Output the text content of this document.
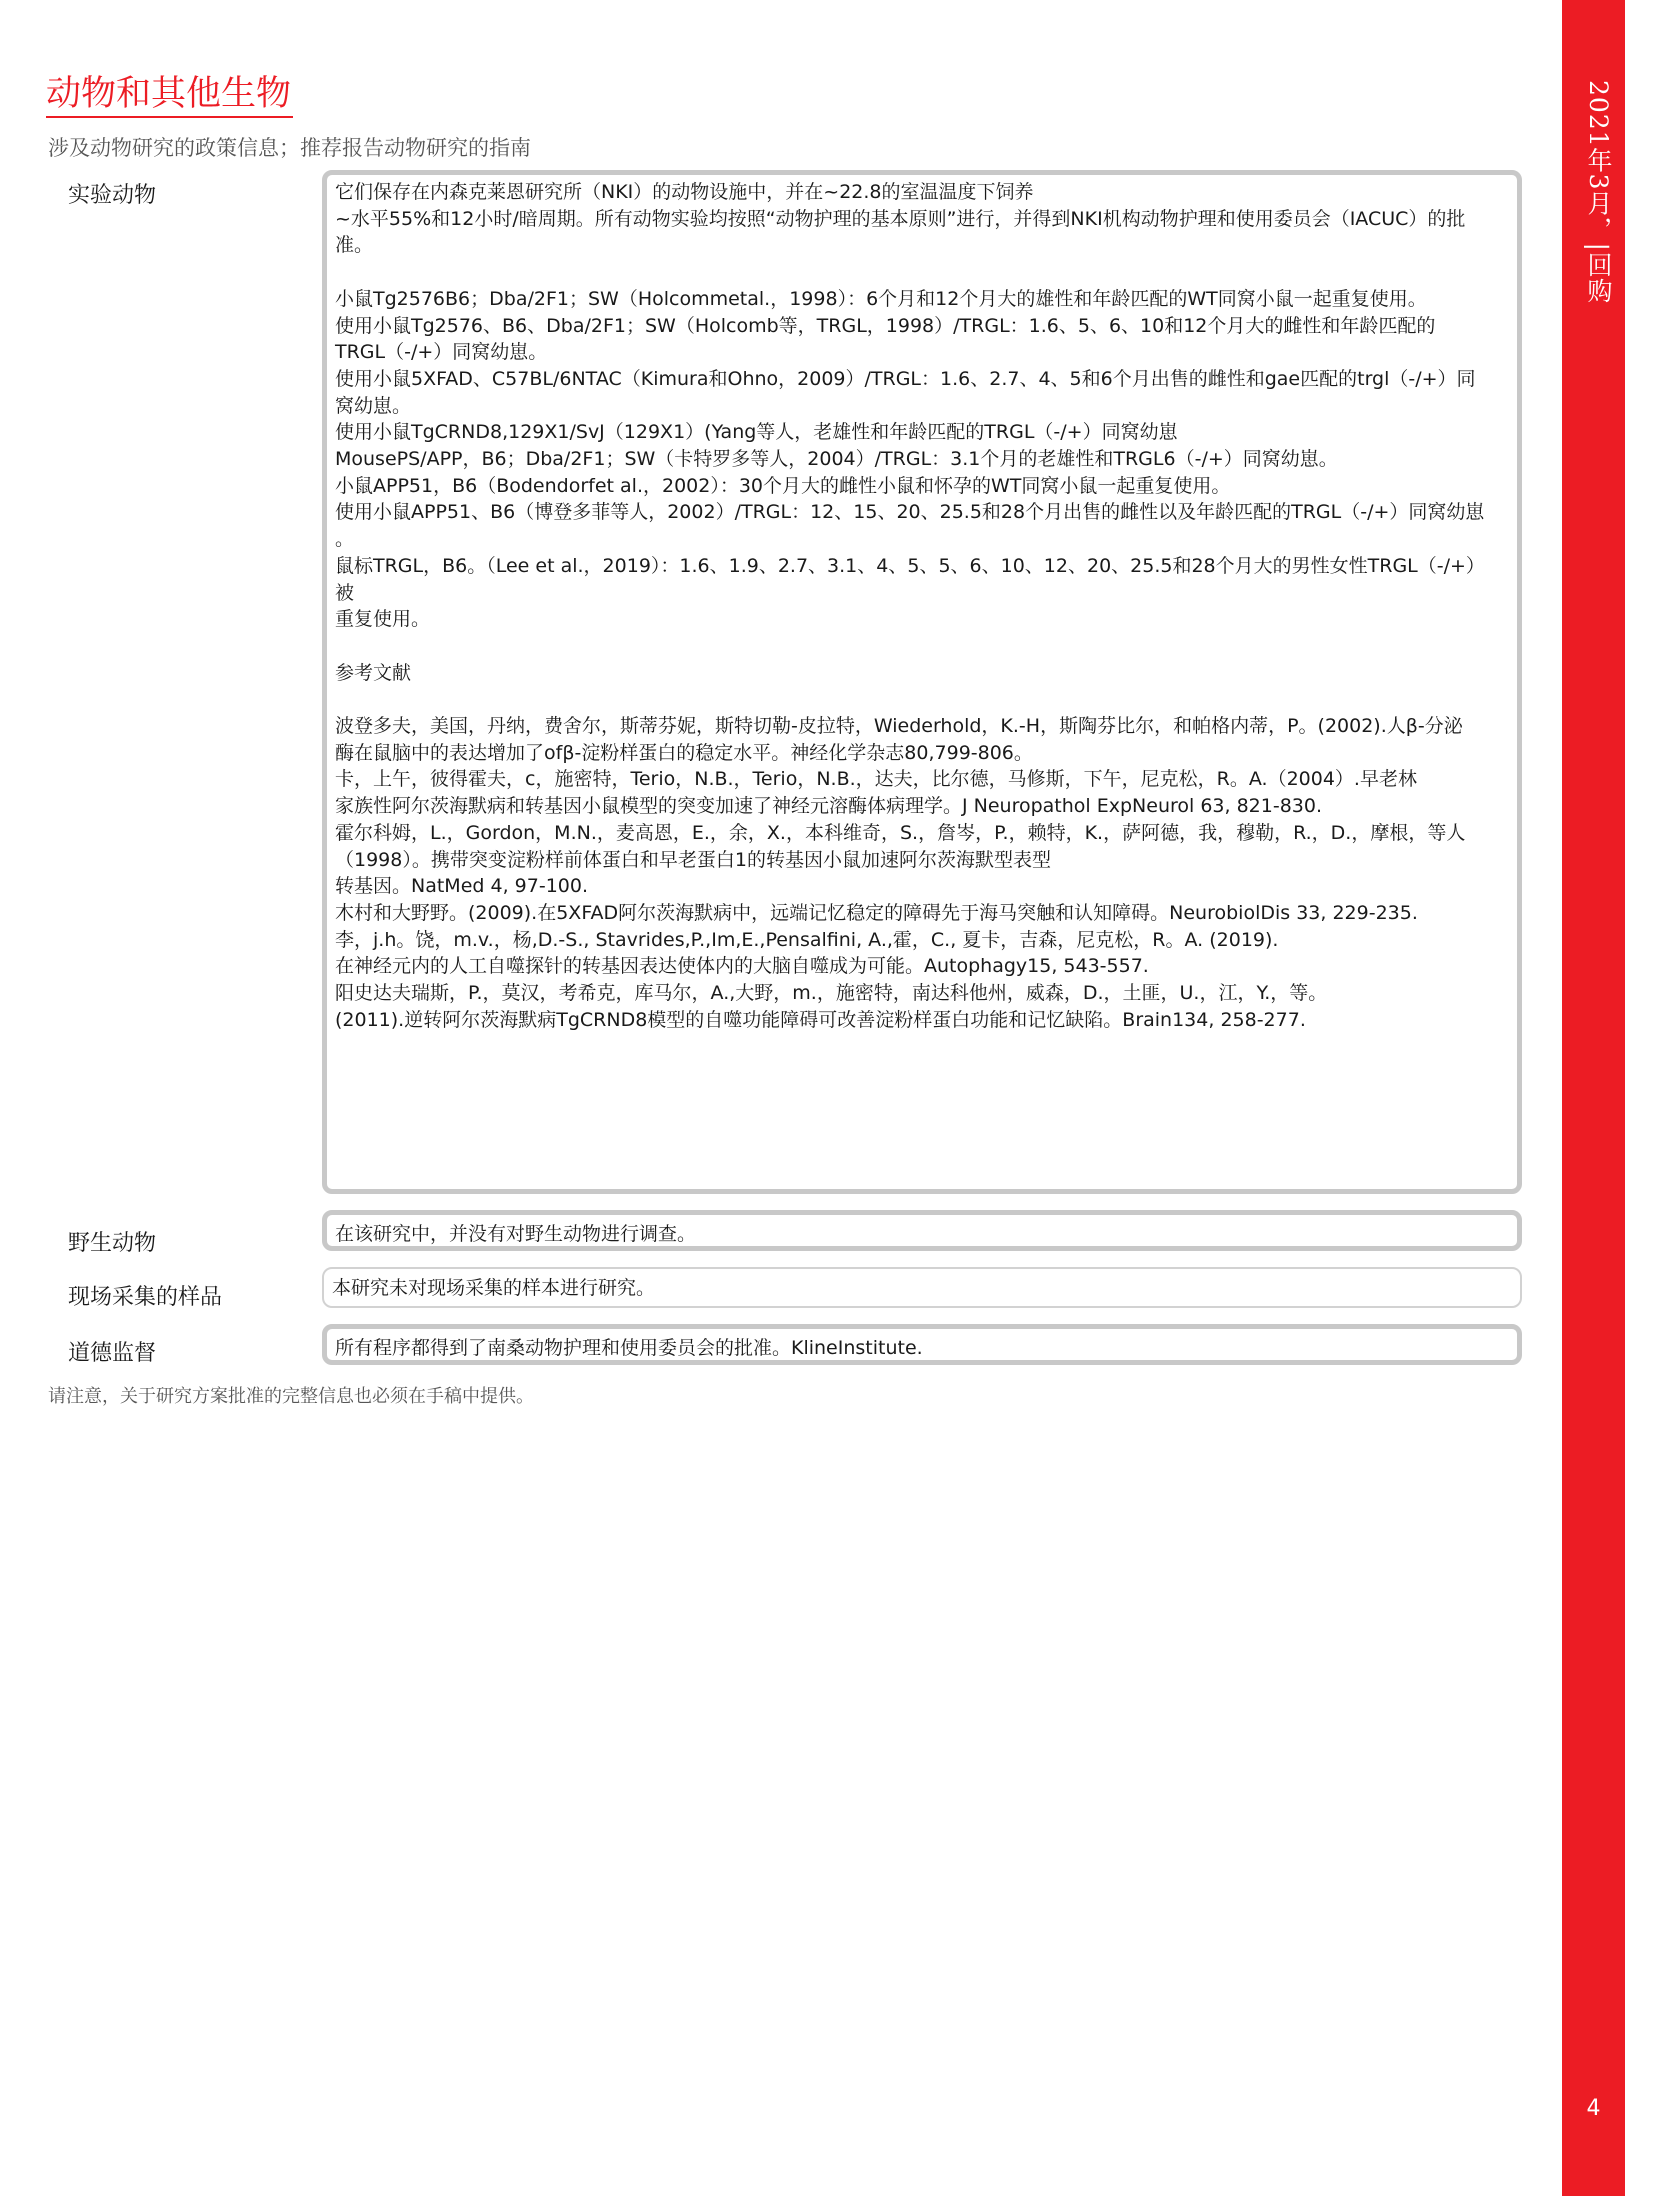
2021年3月，|回购
4
动物和其他生物
涉及动物研究的政策信息；推荐报告动物研究的指南
实验动物	它们保存在内森克莱恩研究所（NKI）的动物设施中，并在~22.8的室温温度下饲养

~水平55%和12小时/暗周期。所有动物实验均按照“动物护理的基本原则”进行，并得到NKI机构动物护理和使用委员会（IACUC）的批

准。

小鼠Tg2576B6；Dba/2F1；SW（Holcommetal.，1998）：6个月和12个月大的雄性和年龄匹配的WT同窝小鼠一起重复使用。

使用小鼠Tg2576、B6、Dba/2F1；SW（Holcomb等，TRGL，1998）/TRGL：1.6、5、6、10和12个月大的雌性和年龄匹配的

TRGL（-/+）同窝幼崽。

使用小鼠5XFAD、C57BL/6NTAC（Kimura和Ohno，2009）/TRGL：1.6、2.7、4、5和6个月出售的雌性和gae匹配的trgl（-/+）同

窝幼崽。

使用小鼠TgCRND8,129X1/SvJ（129X1）(Yang等人，老雄性和年龄匹配的TRGL（-/+）同窝幼崽

MousePS/APP，B6；Dba/2F1；SW（卡特罗多等人，2004）/TRGL：3.1个月的老雄性和TRGL6（-/+）同窝幼崽。

小鼠APP51，B6（Bodendorfet al.，2002）：30个月大的雌性小鼠和怀孕的WT同窝小鼠一起重复使用。

使用小鼠APP51、B6（博登多菲等人，2002）/TRGL：12、15、20、25.5和28个月出售的雌性以及年龄匹配的TRGL（-/+）同窝幼崽

。

鼠标TRGL，B6。（Lee et al.，2019）：1.6、1.9、2.7、3.1、4、5、5、6、10、12、20、25.5和28个月大的男性女性TRGL（-/+）被

重复使用。

参考文献

波登多夫，美国，丹纳，费舍尔，斯蒂芬妮，斯特切勒-皮拉特，Wiederhold，K.-H，斯陶芬比尔，和帕格内蒂，P。(2002).人β-分泌

酶在鼠脑中的表达增加了ofβ-淀粉样蛋白的稳定水平。神经化学杂志80,799-806。

卡，上午，彼得霍夫，c，施密特，Terio，N.B.，Terio，N.B.，达夫，比尔德，马修斯，下午，尼克松，R。A.（2004）.早老林

家族性阿尔茨海默病和转基因小鼠模型的突变加速了神经元溶酶体病理学。J Neuropathol ExpNeurol 63, 821-830.

霍尔科姆，L.，Gordon，M.N.，麦高恩，E.，余，X.，本科维奇，S.，詹岑，P.，赖特，K.，萨阿德，我，穆勒，R.，D.，摩根，等人

（1998）。携带突变淀粉样前体蛋白和早老蛋白1的转基因小鼠加速阿尔茨海默型表型

转基因。NatMed 4, 97-100.

木村和大野野。(2009).在5XFAD阿尔茨海默病中，远端记忆稳定的障碍先于海马突触和认知障碍。NeurobiolDis 33, 229-235.

李，j.h。饶，m.v.，杨,D.-S., Stavrides,P.,Im,E.,Pensalfini, A.,霍，C., 夏卡，吉森，尼克松，R。A. (2019).

在神经元内的人工自噬探针的转基因表达使体内的大脑自噬成为可能。Autophagy15, 543-557.

阳史达夫瑞斯，P.，莫汉，考希克，库马尔，A.,大野，m.，施密特，南达科他州，威森，D.，土匪，U.，江，Y.，等。

(2011).逆转阿尔茨海默病TgCRND8模型的自噬功能障碍可改善淀粉样蛋白功能和记忆缺陷。Brain134, 258-277.

野生动物	在该研究中，并没有对野生动物进行调查。
现场采集的样品	本研究未对现场采集的样本进行研究。
道德监督	所有程序都得到了南桑动物护理和使用委员会的批准。KlineInstitute.
请注意，关于研究方案批准的完整信息也必须在手稿中提供。
